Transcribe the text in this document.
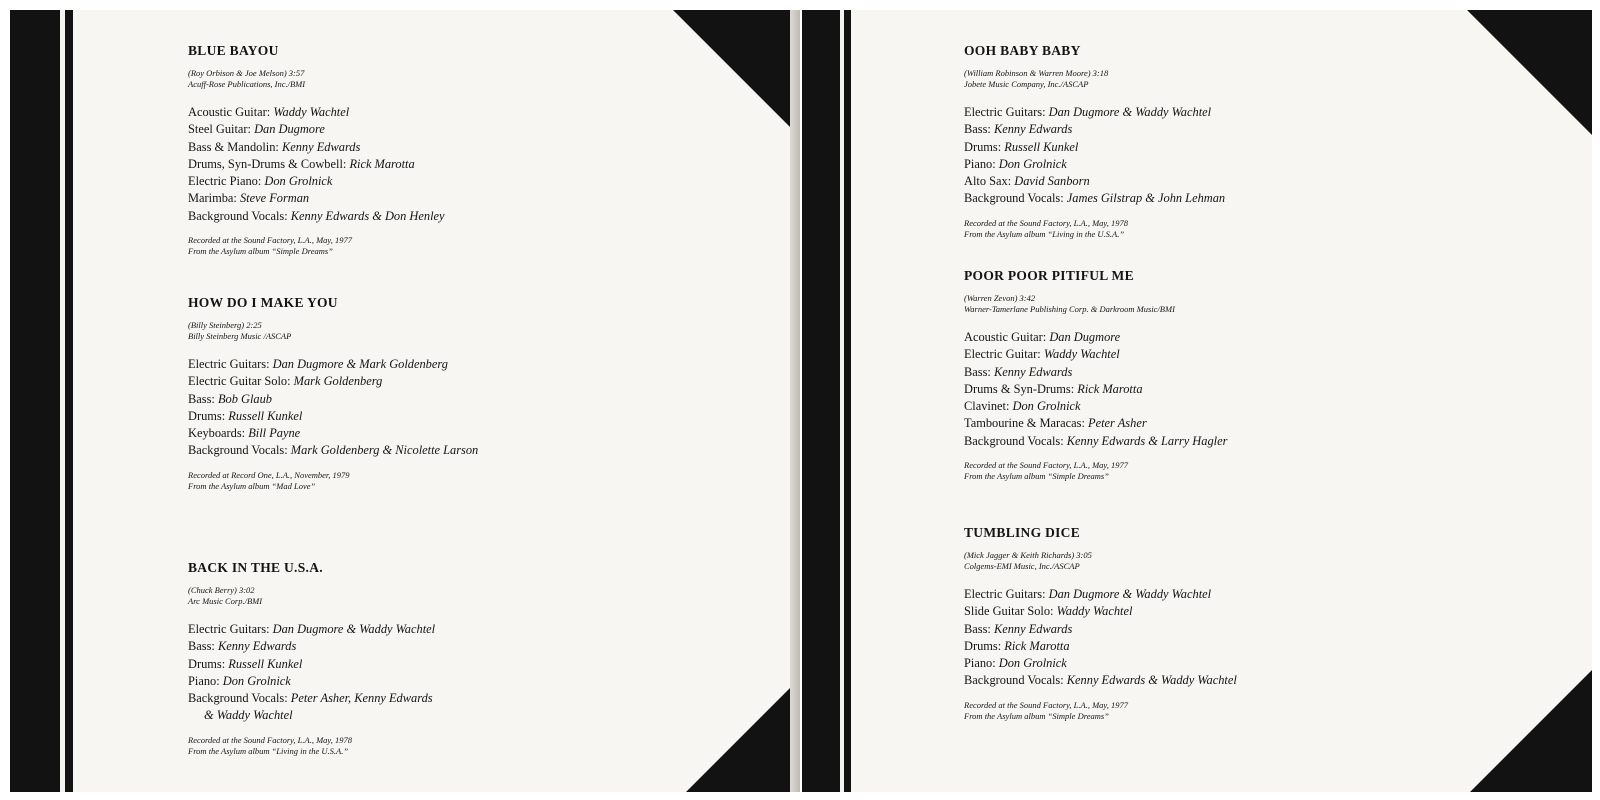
BLUE BAYOU
(Roy Orbison & Joe Melson) 3:57
Acuff-Rose Publications, Inc./BMI
Acoustic Guitar: Waddy Wachtel
Steel Guitar: Dan Dugmore
Bass & Mandolin: Kenny Edwards
Drums, Syn-Drums & Cowbell: Rick Marotta
Electric Piano: Don Grolnick
Marimba: Steve Forman
Background Vocals: Kenny Edwards & Don Henley
Recorded at the Sound Factory, L.A., May, 1977
From the Asylum album “Simple Dreams”
HOW DO I MAKE YOU
(Billy Steinberg) 2:25
Billy Steinberg Music /ASCAP
Electric Guitars: Dan Dugmore & Mark Goldenberg
Electric Guitar Solo: Mark Goldenberg
Bass: Bob Glaub
Drums: Russell Kunkel
Keyboards: Bill Payne
Background Vocals: Mark Goldenberg & Nicolette Larson
Recorded at Record One, L.A., November, 1979
From the Asylum album “Mad Love”
BACK IN THE U.S.A.
(Chuck Berry) 3:02
Arc Music Corp./BMI
Electric Guitars: Dan Dugmore & Waddy Wachtel
Bass: Kenny Edwards
Drums: Russell Kunkel
Piano: Don Grolnick
Background Vocals: Peter Asher, Kenny Edwards
& Waddy Wachtel
Recorded at the Sound Factory, L.A., May, 1978
From the Asylum album “Living in the U.S.A.”
OOH BABY BABY
(William Robinson & Warren Moore) 3:18
Jobete Music Company, Inc./ASCAP
Electric Guitars: Dan Dugmore & Waddy Wachtel
Bass: Kenny Edwards
Drums: Russell Kunkel
Piano: Don Grolnick
Alto Sax: David Sanborn
Background Vocals: James Gilstrap & John Lehman
Recorded at the Sound Factory, L.A., May, 1978
From the Asylum album “Living in the U.S.A.”
POOR POOR PITIFUL ME
(Warren Zevon) 3:42
Warner-Tamerlane Publishing Corp. & Darkroom Music/BMI
Acoustic Guitar: Dan Dugmore
Electric Guitar: Waddy Wachtel
Bass: Kenny Edwards
Drums & Syn-Drums: Rick Marotta
Clavinet: Don Grolnick
Tambourine & Maracas: Peter Asher
Background Vocals: Kenny Edwards & Larry Hagler
Recorded at the Sound Factory, L.A., May, 1977
From the Asylum album “Simple Dreams”
TUMBLING DICE
(Mick Jagger & Keith Richards) 3:05
Colgems-EMI Music, Inc./ASCAP
Electric Guitars: Dan Dugmore & Waddy Wachtel
Slide Guitar Solo: Waddy Wachtel
Bass: Kenny Edwards
Drums: Rick Marotta
Piano: Don Grolnick
Background Vocals: Kenny Edwards & Waddy Wachtel
Recorded at the Sound Factory, L.A., May, 1977
From the Asylum album “Simple Dreams”
